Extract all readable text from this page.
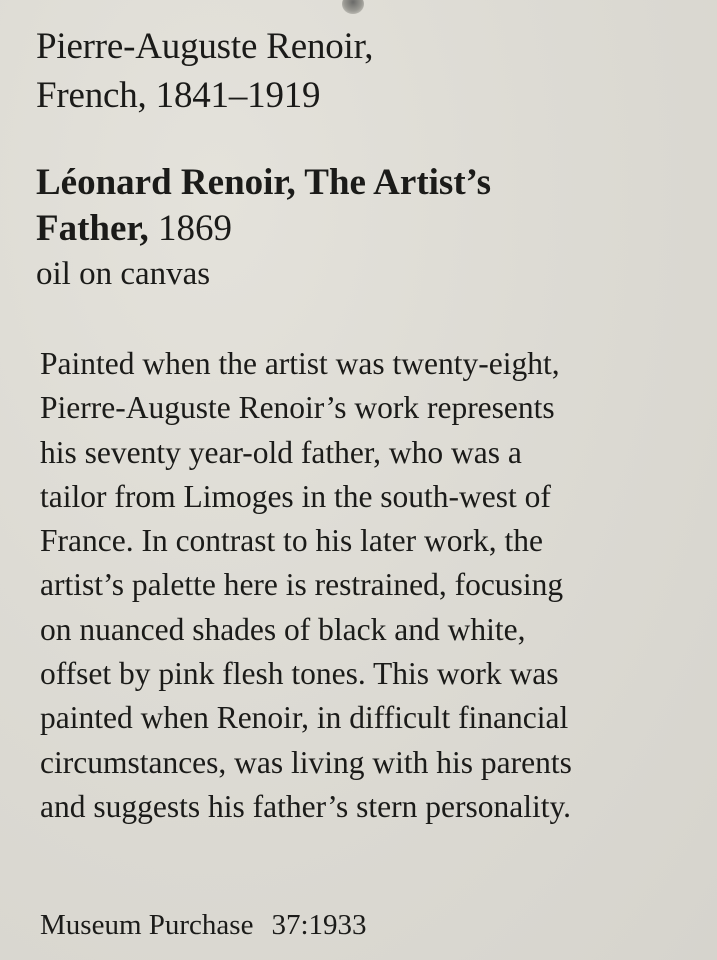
Pierre-Auguste Renoir,
French, 1841–1919
Léonard Renoir, The Artist’s
Father, 1869
oil on canvas
Painted when the artist was twenty-eight,
Pierre-Auguste Renoir’s work represents
his seventy year-old father, who was a
tailor from Limoges in the south-west of
France. In contrast to his later work, the
artist’s palette here is restrained, focusing
on nuanced shades of black and white,
offset by pink flesh tones. This work was
painted when Renoir, in difficult financial
circumstances, was living with his parents
and suggests his father’s stern personality.
Museum Purchase 37:1933
